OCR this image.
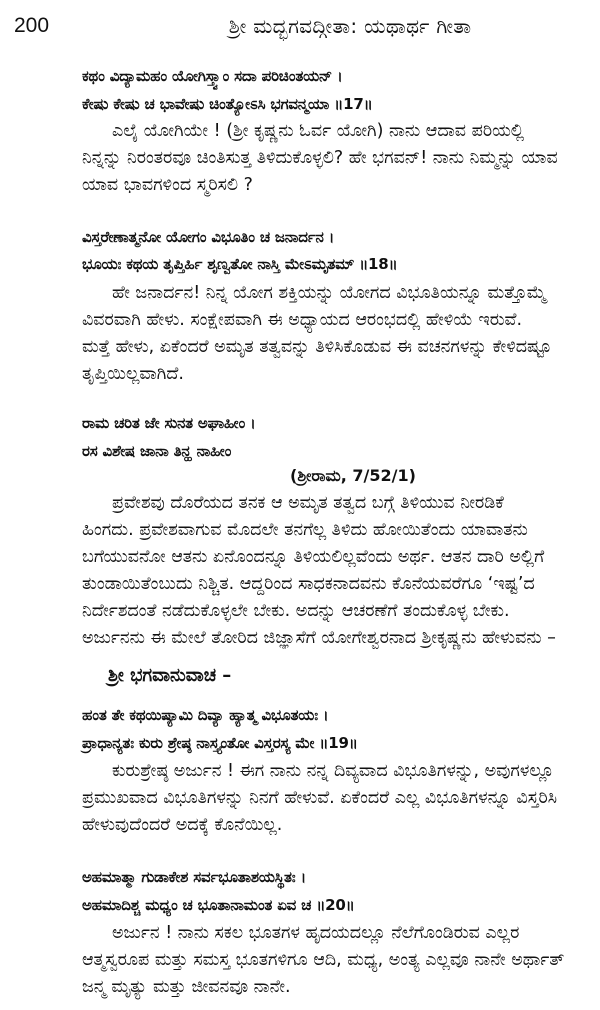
200	ಶ್ರೀ ಮದ್ಭಗವದ್ಗೀತಾ: ಯಥಾರ್ಥ ಗೀತಾ
ಕಥಂ ವಿದ್ಯಾಮಹಂ ಯೋಗಿಸ್ತ್ವಾಂ ಸದಾ ಪರಿಚಿಂತಯನ್ ।
ಕೇಷು ಕೇಷು ಚ ಭಾವೇಷು ಚಿಂತ್ಯೋಽಸಿ ಭಗವನ್ಮಯಾ ॥17॥
ಎಲೈ ಯೋಗಿಯೇ ! (ಶ್ರೀ ಕೃಷ್ಣನು ಓರ್ವ ಯೋಗಿ) ನಾನು ಆದಾವ ಪರಿಯಲ್ಲಿ
ನಿನ್ನನ್ನು ನಿರಂತರವೂ ಚಿಂತಿಸುತ್ತ ತಿಳಿದುಕೊಳ್ಳಲಿ? ಹೇ ಭಗವನ್! ನಾನು ನಿಮ್ಮನ್ನು ಯಾವ
ಯಾವ ಭಾವಗಳಿಂದ ಸ್ಮರಿಸಲಿ ?
ವಿಸ್ತರೇಣಾತ್ಮನೋ ಯೋಗಂ ವಿಭೂತಿಂ ಚ ಜನಾರ್ದನ ।
ಭೂಯಃ ಕಥಯ ತೃಪ್ತಿರ್ಹಿ ಶೃಣ್ವತೋ ನಾಸ್ತಿ ಮೇಽಮೃತಮ್ ॥18॥
ಹೇ ಜನಾರ್ದನ! ನಿನ್ನ ಯೋಗ ಶಕ್ತಿಯನ್ನು ಯೋಗದ ವಿಭೂತಿಯನ್ನೂ ಮತ್ತೊಮ್ಮೆ
ವಿವರವಾಗಿ ಹೇಳು. ಸಂಕ್ಷೇಪವಾಗಿ ಈ ಅಧ್ಯಾಯದ ಆರಂಭದಲ್ಲಿ ಹೇಳಿಯೆ ಇರುವೆ.
ಮತ್ತೆ ಹೇಳು, ಏಕೆಂದರೆ ಅಮೃತ ತತ್ವವನ್ನು ತಿಳಿಸಿಕೊಡುವ ಈ ವಚನಗಳನ್ನು ಕೇಳಿದಷ್ಟೂ
ತೃಪ್ತಿಯಿಲ್ಲವಾಗಿದೆ.
ರಾಮ ಚರಿತ ಜೇ ಸುನತ ಅಘಾಹೀಂ ।
ರಸ ವಿಶೇಷ ಜಾನಾ ತಿನ್ಹ ನಾಹೀಂ
(ಶ್ರೀರಾಮ, 7/52/1)
ಪ್ರವೇಶವು ದೊರೆಯದ ತನಕ ಆ ಅಮೃತ ತತ್ವದ ಬಗ್ಗೆ ತಿಳಿಯುವ ನೀರಡಿಕೆ
ಹಿಂಗದು. ಪ್ರವೇಶವಾಗುವ ಮೊದಲೇ ತನಗೆಲ್ಲ ತಿಳಿದು ಹೋಯಿತೆಂದು ಯಾವಾತನು
ಬಗೆಯುವನೋ ಆತನು ಏನೊಂದನ್ನೂ ತಿಳಿಯಲಿಲ್ಲವೆಂದು ಅರ್ಥ. ಆತನ ದಾರಿ ಅಲ್ಲಿಗೆ
ತುಂಡಾಯಿತೆಂಬುದು ನಿಶ್ಚಿತ. ಆದ್ದರಿಂದ ಸಾಧಕನಾದವನು ಕೊನೆಯವರೆಗೂ ‘ಇಷ್ಟ’ದ
ನಿರ್ದೇಶದಂತೆ ನಡೆದುಕೊಳ್ಳಲೇ ಬೇಕು. ಅದನ್ನು ಆಚರಣೆಗೆ ತಂದುಕೊಳ್ಳ ಬೇಕು.
ಅರ್ಜುನನು ಈ ಮೇಲೆ ತೋರಿದ ಜಿಜ್ಞಾಸೆಗೆ ಯೋಗೇಶ್ವರನಾದ ಶ್ರೀಕೃಷ್ಣನು ಹೇಳುವನು –
ಶ್ರೀ ಭಗವಾನುವಾಚ –
ಹಂತ ತೇ ಕಥಯಿಷ್ಯಾಮಿ ದಿವ್ಯಾ ಹ್ಯಾತ್ಮ ವಿಭೂತಯಃ ।
ಪ್ರಾಧಾನ್ಯತಃ ಕುರು ಶ್ರೇಷ್ಠ ನಾಸ್ತ್ಯಂತೋ ವಿಸ್ತರಸ್ಯ ಮೇ ॥19॥
ಕುರುಶ್ರೇಷ್ಠ ಅರ್ಜುನ ! ಈಗ ನಾನು ನನ್ನ ದಿವ್ಯವಾದ ವಿಭೂತಿಗಳನ್ನು, ಅವುಗಳಲ್ಲೂ
ಪ್ರಮುಖವಾದ ವಿಭೂತಿಗಳನ್ನು ನಿನಗೆ ಹೇಳುವೆ. ಏಕೆಂದರೆ ಎಲ್ಲ ವಿಭೂತಿಗಳನ್ನೂ ವಿಸ್ತರಿಸಿ
ಹೇಳುವುದೆಂದರೆ ಅದಕ್ಕೆ ಕೊನೆಯಿಲ್ಲ.
ಅಹಮಾತ್ಮಾ ಗುಡಾಕೇಶ ಸರ್ವಭೂತಾಶಯಸ್ಥಿತಃ ।
ಅಹಮಾದಿಶ್ಚ ಮಧ್ಯಂ ಚ ಭೂತಾನಾಮಂತ ಏವ ಚ ॥20॥
ಅರ್ಜುನ ! ನಾನು ಸಕಲ ಭೂತಗಳ ಹೃದಯದಲ್ಲೂ ನೆಲೆಗೊಂಡಿರುವ ಎಲ್ಲರ
ಆತ್ಮಸ್ವರೂಪ ಮತ್ತು ಸಮಸ್ತ ಭೂತಗಳಿಗೂ ಆದಿ, ಮಧ್ಯ, ಅಂತ್ಯ ಎಲ್ಲವೂ ನಾನೇ ಅರ್ಥಾತ್
ಜನ್ಮ ಮೃತ್ಯು ಮತ್ತು ಜೀವನವೂ ನಾನೇ.
